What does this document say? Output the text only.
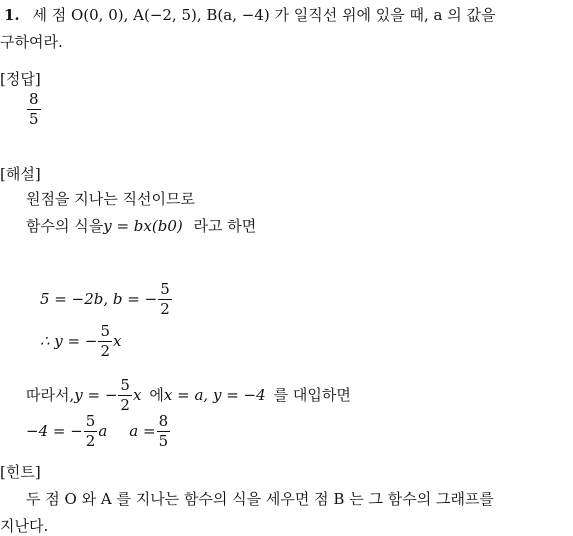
1. 세 점 O(0, 0), A(−2, 5), B(a, −4) 가 일직선 위에 있을 때, a 의 값을
구하여라.
[정답]
$\frac{8}{5}$
[해설]
원점을 지나는 직선이므로
함수의 식을y = bx(b0) 라고 하면
5 = −2b, b = − $\frac{5}{2}$
∴ y = − $\frac{5}{2}$ x
따라서, y = − $\frac{5}{2}$ x 에 x = a, y = −4 를 대입하면
−4 = − $\frac{5}{2}$ a $a = \frac{8}{5}$
[힌트]
두 점 O 와 A 를 지나는 함수의 식을 세우면 점 B 는 그 함수의 그래프를
지난다.
